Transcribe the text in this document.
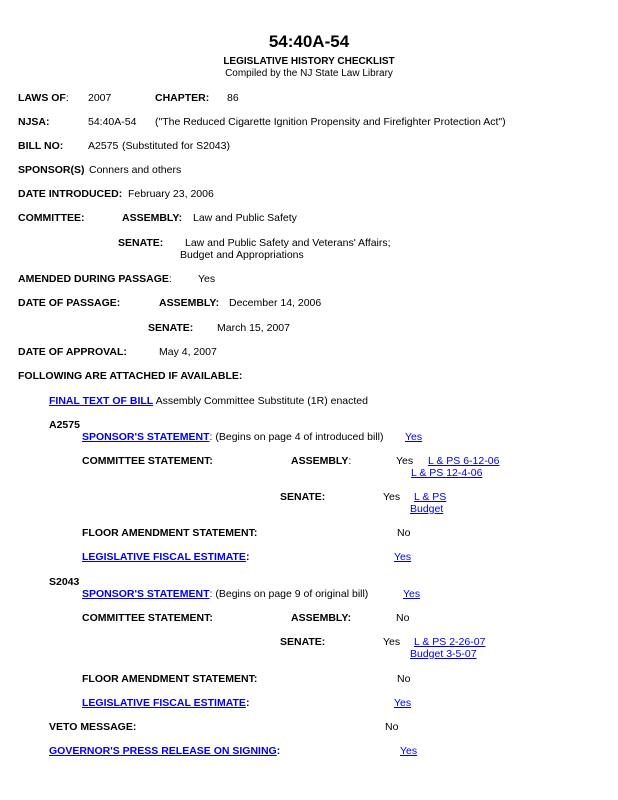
54:40A-54
LEGISLATIVE HISTORY CHECKLIST
Compiled by the NJ State Law Library
LAWS OF: 2007	CHAPTER: 86
NJSA:	54:40A-54 ("The Reduced Cigarette Ignition Propensity and Firefighter Protection Act")
BILL NO: A2575 (Substituted for S2043)
SPONSOR(S) Conners and others
DATE INTRODUCED: February 23, 2006
COMMITTEE:	ASSEMBLY: Law and Public Safety
SENATE: Law and Public Safety and Veterans' Affairs;
Budget and Appropriations
AMENDED DURING PASSAGE: Yes
DATE OF PASSAGE:	ASSEMBLY: December 14, 2006
SENATE: March 15, 2007
DATE OF APPROVAL:	May 4, 2007
FOLLOWING ARE ATTACHED IF AVAILABLE:
FINAL TEXT OF BILL Assembly Committee Substitute (1R) enacted
A2575
SPONSOR'S STATEMENT: (Begins on page 4 of introduced bill) Yes
COMMITTEE STATEMENT:	ASSEMBLY:	Yes L & PS 6-12-06
L & PS 12-4-06
SENATE:	Yes L & PS
Budget
FLOOR AMENDMENT STATEMENT:	No
LEGISLATIVE FISCAL ESTIMATE:	Yes
S2043
SPONSOR'S STATEMENT: (Begins on page 9 of original bill)	Yes
COMMITTEE STATEMENT:	ASSEMBLY:	No
SENATE:	Yes L & PS 2-26-07
Budget 3-5-07
FLOOR AMENDMENT STATEMENT:	No
LEGISLATIVE FISCAL ESTIMATE:	Yes
VETO MESSAGE:	No
GOVERNOR'S PRESS RELEASE ON SIGNING:	Yes
